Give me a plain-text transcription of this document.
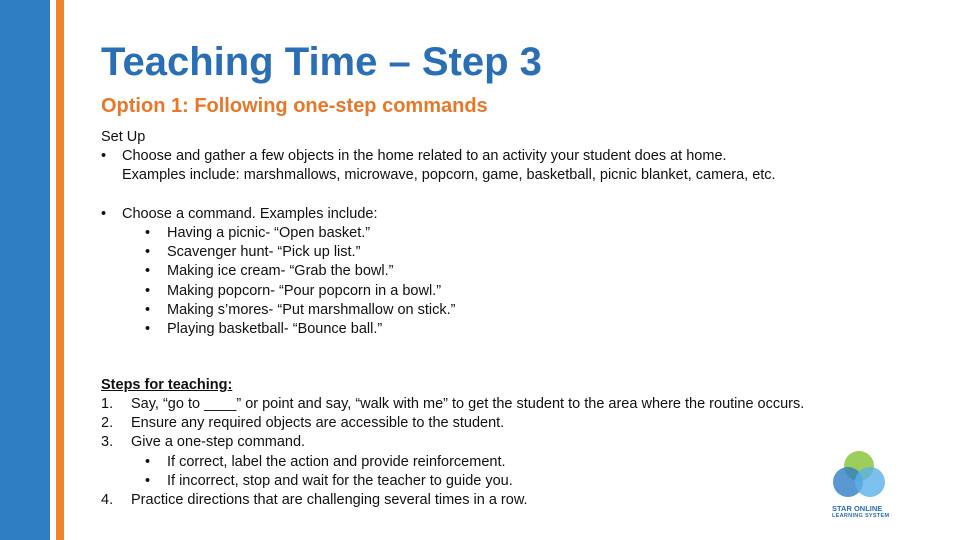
Teaching Time – Step 3
Option 1: Following one-step commands
Set Up
• Choose and gather a few objects in the home related to an activity your student does at home.
Examples include: marshmallows, microwave, popcorn, game, basketball, picnic blanket, camera, etc.
• Choose a command. Examples include:
• Having a picnic- “Open basket.”
• Scavenger hunt- “Pick up list.”
• Making ice cream- “Grab the bowl.”
• Making popcorn- “Pour popcorn in a bowl.”
• Making s’mores- “Put marshmallow on stick.”
• Playing basketball- “Bounce ball.”
Steps for teaching:
1. Say, “go to ____” or point and say, “walk with me” to get the student to the area where the routine occurs.
2. Ensure any required objects are accessible to the student.
3. Give a one-step command.
• If correct, label the action and provide reinforcement.
• If incorrect, stop and wait for the teacher to guide you.
4. Practice directions that are challenging several times in a row.
STAR ONLINE
LEARNING SYSTEM
